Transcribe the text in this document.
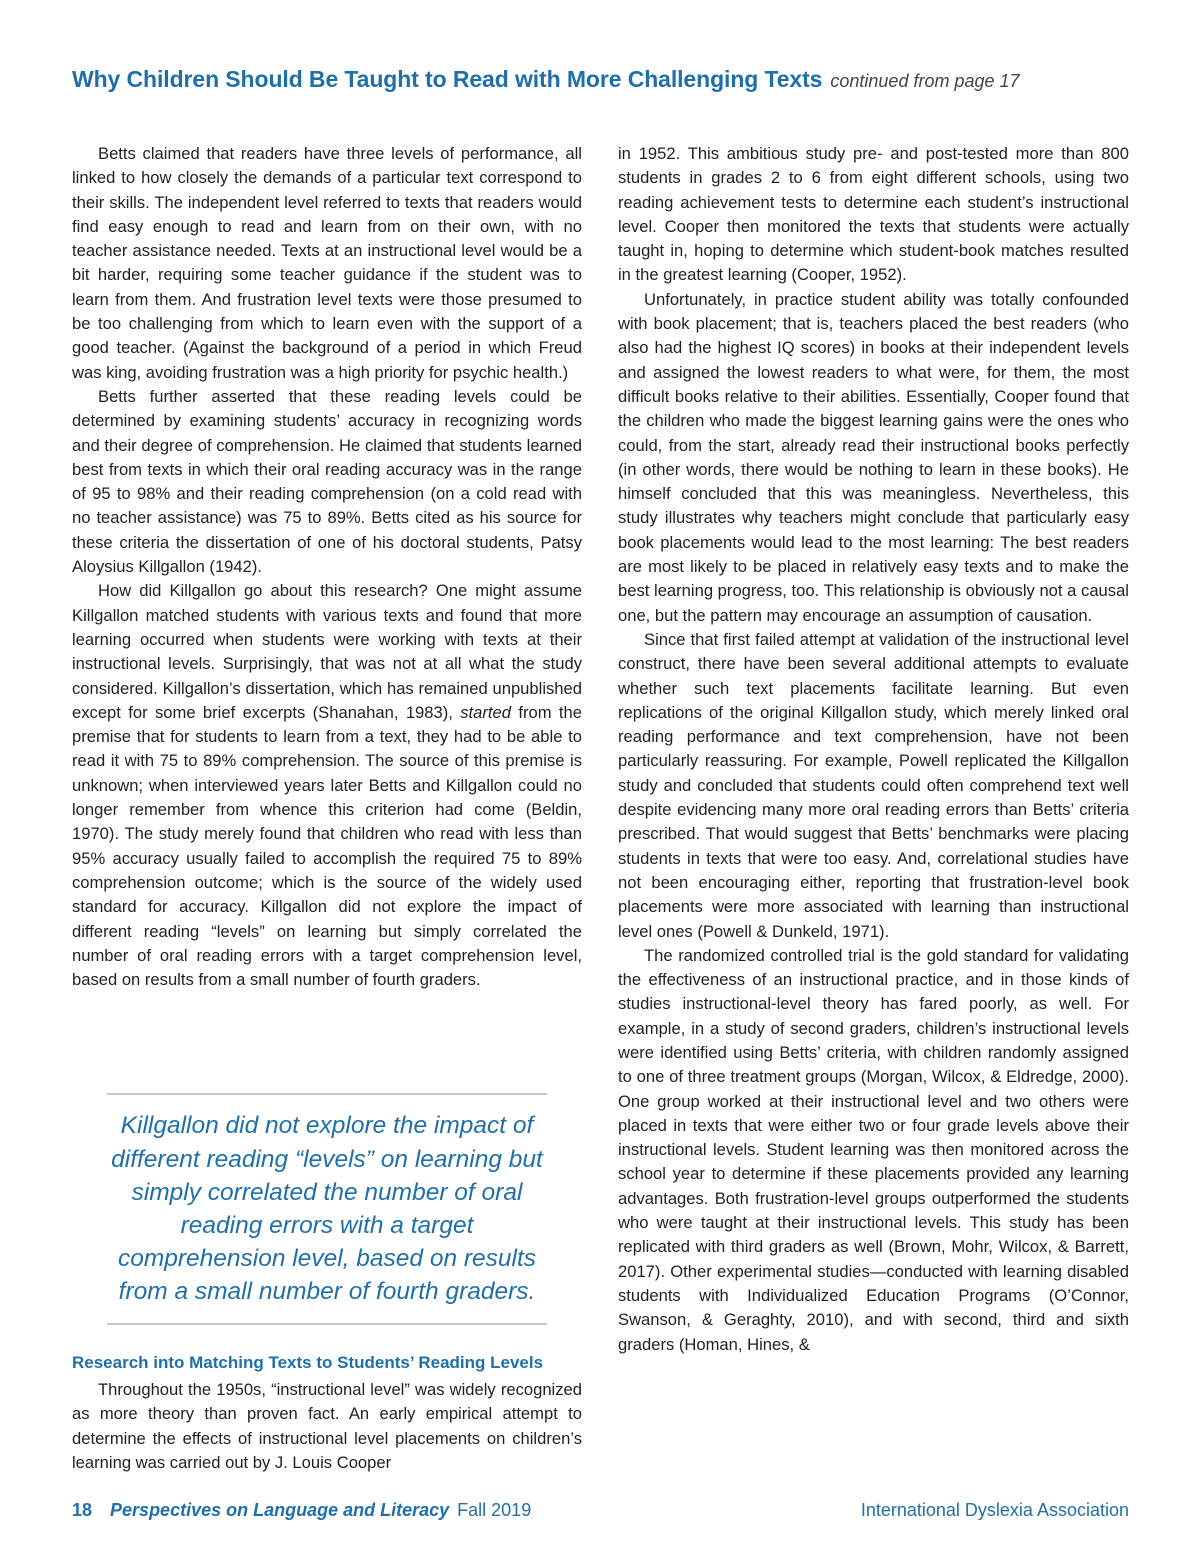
Why Children Should Be Taught to Read with More Challenging Texts continued from page 17

Betts claimed that readers have three levels of performance, all linked to how closely the demands of a particular text correspond to their skills. The independent level referred to texts that readers would find easy enough to read and learn from on their own, with no teacher assistance needed. Texts at an instructional level would be a bit harder, requiring some teacher guidance if the student was to learn from them. And frustration level texts were those presumed to be too challenging from which to learn even with the support of a good teacher. (Against the background of a period in which Freud was king, avoiding frustration was a high priority for psychic health.)

Betts further asserted that these reading levels could be determined by examining students’ accuracy in recognizing words and their degree of comprehension. He claimed that students learned best from texts in which their oral reading accuracy was in the range of 95 to 98% and their reading comprehension (on a cold read with no teacher assistance) was 75 to 89%. Betts cited as his source for these criteria the dissertation of one of his doctoral students, Patsy Aloysius Killgallon (1942).

How did Killgallon go about this research? One might assume Killgallon matched students with various texts and found that more learning occurred when students were working with texts at their instructional levels. Surprisingly, that was not at all what the study considered. Killgallon’s dissertation, which has remained unpublished except for some brief excerpts (Shanahan, 1983), started from the premise that for students to learn from a text, they had to be able to read it with 75 to 89% comprehension. The source of this premise is unknown; when interviewed years later Betts and Killgallon could no longer remember from whence this criterion had come (Beldin, 1970). The study merely found that children who read with less than 95% accuracy usually failed to accomplish the required 75 to 89% comprehension outcome; which is the source of the widely used standard for accuracy. Killgallon did not explore the impact of different reading “levels” on learning but simply correlated the number of oral reading errors with a target comprehension level, based on results from a small number of fourth graders.

Killgallon did not explore the impact of different reading “levels” on learning but simply correlated the number of oral reading errors with a target comprehension level, based on results from a small number of fourth graders.

Research into Matching Texts to Students’ Reading Levels

Throughout the 1950s, “instructional level” was widely recognized as more theory than proven fact. An early empirical attempt to determine the effects of instructional level placements on children’s learning was carried out by J. Louis Cooper

in 1952. This ambitious study pre- and post-tested more than 800 students in grades 2 to 6 from eight different schools, using two reading achievement tests to determine each student’s instructional level. Cooper then monitored the texts that students were actually taught in, hoping to determine which student-book matches resulted in the greatest learning (Cooper, 1952).

Unfortunately, in practice student ability was totally confounded with book placement; that is, teachers placed the best readers (who also had the highest IQ scores) in books at their independent levels and assigned the lowest readers to what were, for them, the most difficult books relative to their abilities. Essentially, Cooper found that the children who made the biggest learning gains were the ones who could, from the start, already read their instructional books perfectly (in other words, there would be nothing to learn in these books). He himself concluded that this was meaningless. Nevertheless, this study illustrates why teachers might conclude that particularly easy book placements would lead to the most learning: The best readers are most likely to be placed in relatively easy texts and to make the best learning progress, too. This relationship is obviously not a causal one, but the pattern may encourage an assumption of causation.

Since that first failed attempt at validation of the instructional level construct, there have been several additional attempts to evaluate whether such text placements facilitate learning. But even replications of the original Killgallon study, which merely linked oral reading performance and text comprehension, have not been particularly reassuring. For example, Powell replicated the Killgallon study and concluded that students could often comprehend text well despite evidencing many more oral reading errors than Betts’ criteria prescribed. That would suggest that Betts’ benchmarks were placing students in texts that were too easy. And, correlational studies have not been encouraging either, reporting that frustration-level book placements were more associated with learning than instructional level ones (Powell & Dunkeld, 1971).

The randomized controlled trial is the gold standard for validating the effectiveness of an instructional practice, and in those kinds of studies instructional-level theory has fared poorly, as well. For example, in a study of second graders, children’s instructional levels were identified using Betts’ criteria, with children randomly assigned to one of three treatment groups (Morgan, Wilcox, & Eldredge, 2000). One group worked at their instructional level and two others were placed in texts that were either two or four grade levels above their instructional levels. Student learning was then monitored across the school year to determine if these placements provided any learning advantages. Both frustration-level groups outperformed the students who were taught at their instructional levels. This study has been replicated with third graders as well (Brown, Mohr, Wilcox, & Barrett, 2017). Other experimental studies—conducted with learning disabled students with Individualized Education Programs (O’Connor, Swanson, & Geraghty, 2010), and with second, third and sixth graders (Homan, Hines, &

18 Perspectives on Language and Literacy Fall 2019	International Dyslexia Association
